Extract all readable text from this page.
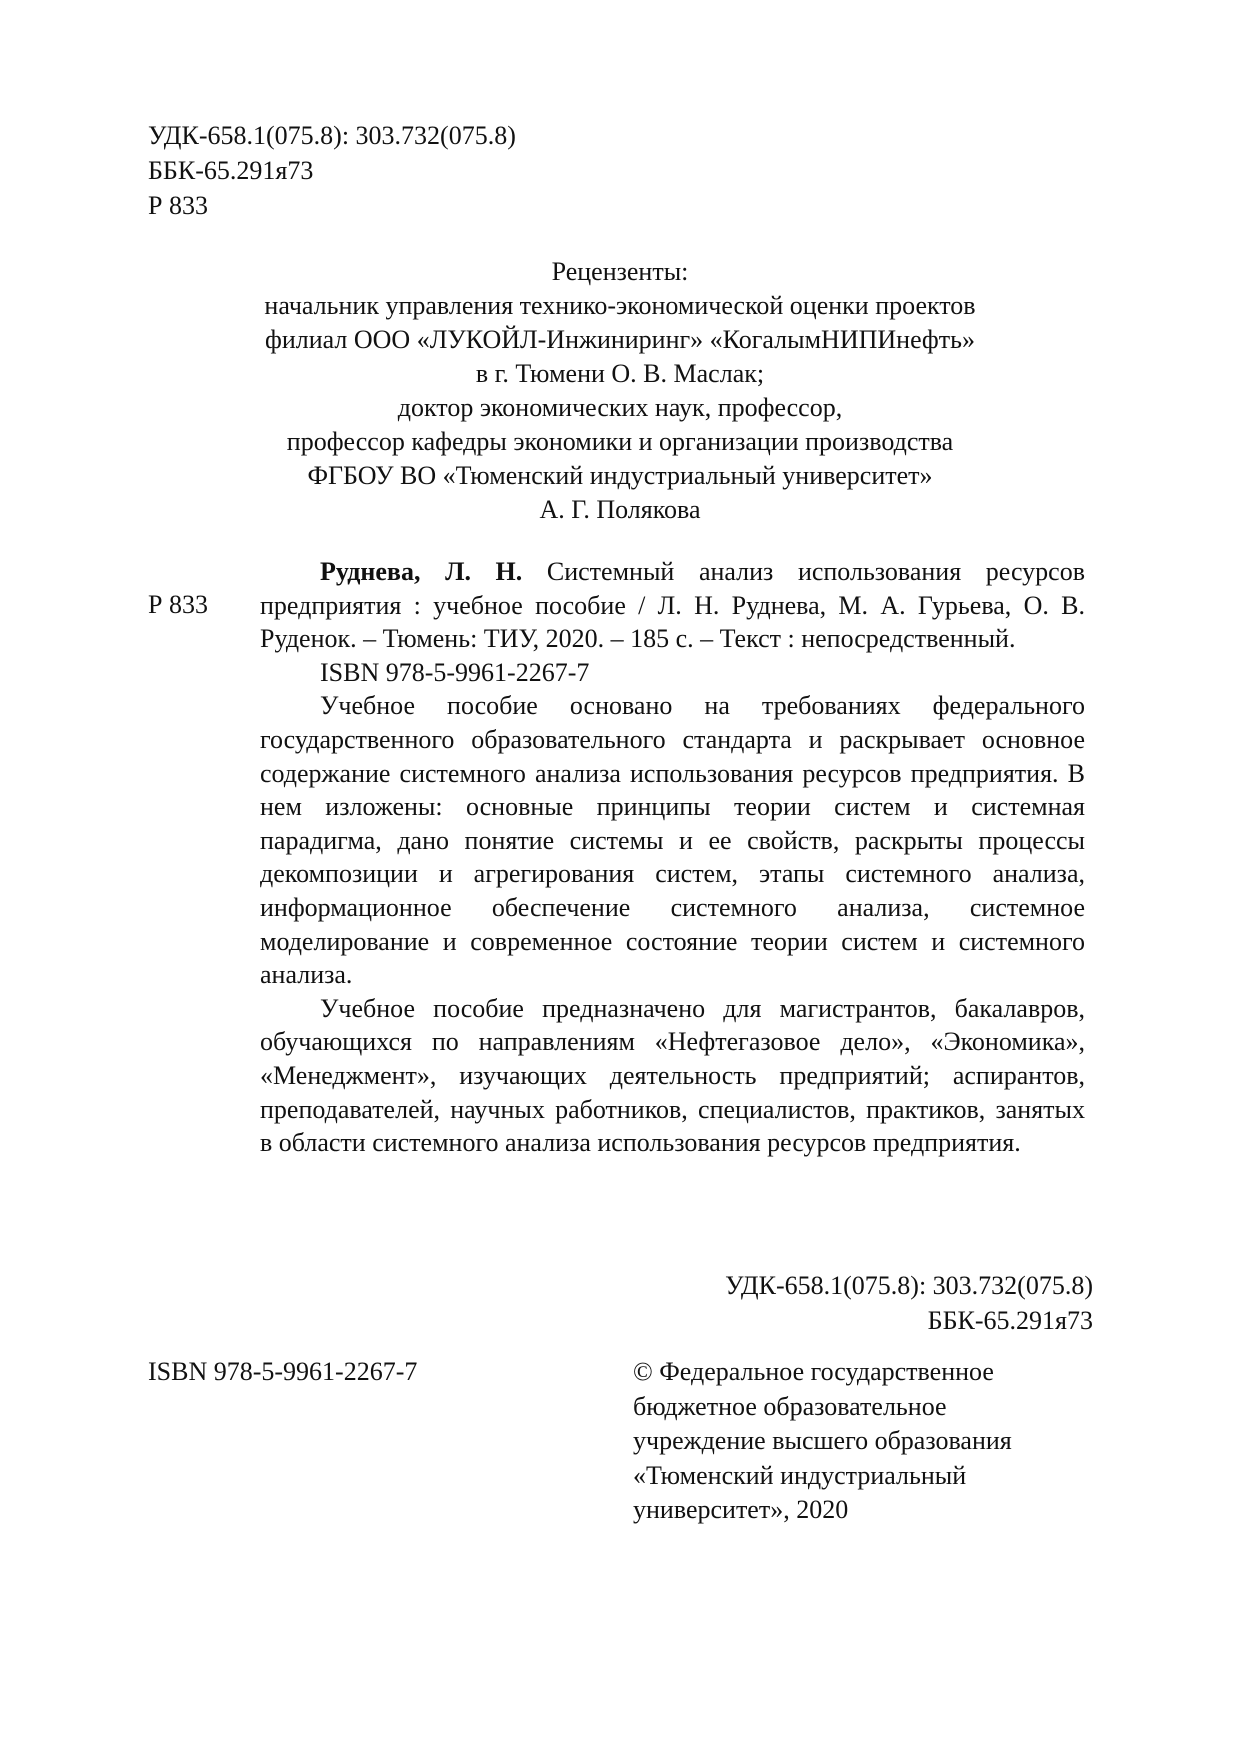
УДК-658.1(075.8): 303.732(075.8)
ББК-65.291я73
Р 833
Рецензенты:
начальник управления технико-экономической оценки проектов
филиал ООО «ЛУКОЙЛ-Инжиниринг» «КогалымНИПИнефть»
в г. Тюмени О. В. Маслак;
доктор экономических наук, профессор,
профессор кафедры экономики и организации производства
ФГБОУ ВО «Тюменский индустриальный университет»
А. Г. Полякова
Р 833

Руднева, Л. Н. Системный анализ использования ресурсов предприятия : учебное пособие / Л. Н. Руднева, М. А. Гурьева, О. В. Руденок. – Тюмень: ТИУ, 2020. – 185 с. – Текст : непосредственный.

ISBN 978-5-9961-2267-7

Учебное пособие основано на требованиях федерального государственного образовательного стандарта и раскрывает основное содержание системного анализа использования ресурсов предприятия. В нем изложены: основные принципы теории систем и системная парадигма, дано понятие системы и ее свойств, раскрыты процессы декомпозиции и агрегирования систем, этапы системного анализа, информационное обеспечение системного анализа, системное моделирование и современное состояние теории систем и системного анализа.

Учебное пособие предназначено для магистрантов, бакалавров, обучающихся по направлениям «Нефтегазовое дело», «Экономика», «Менеджмент», изучающих деятельность предприятий; аспирантов, преподавателей, научных работников, специалистов, практиков, занятых в области системного анализа использования ресурсов предприятия.

УДК-658.1(075.8): 303.732(075.8)
ББК-65.291я73
ISBN 978-5-9961-2267-7	© Федеральное государственное
бюджетное образовательное
учреждение высшего образования
«Тюменский индустриальный
университет», 2020
